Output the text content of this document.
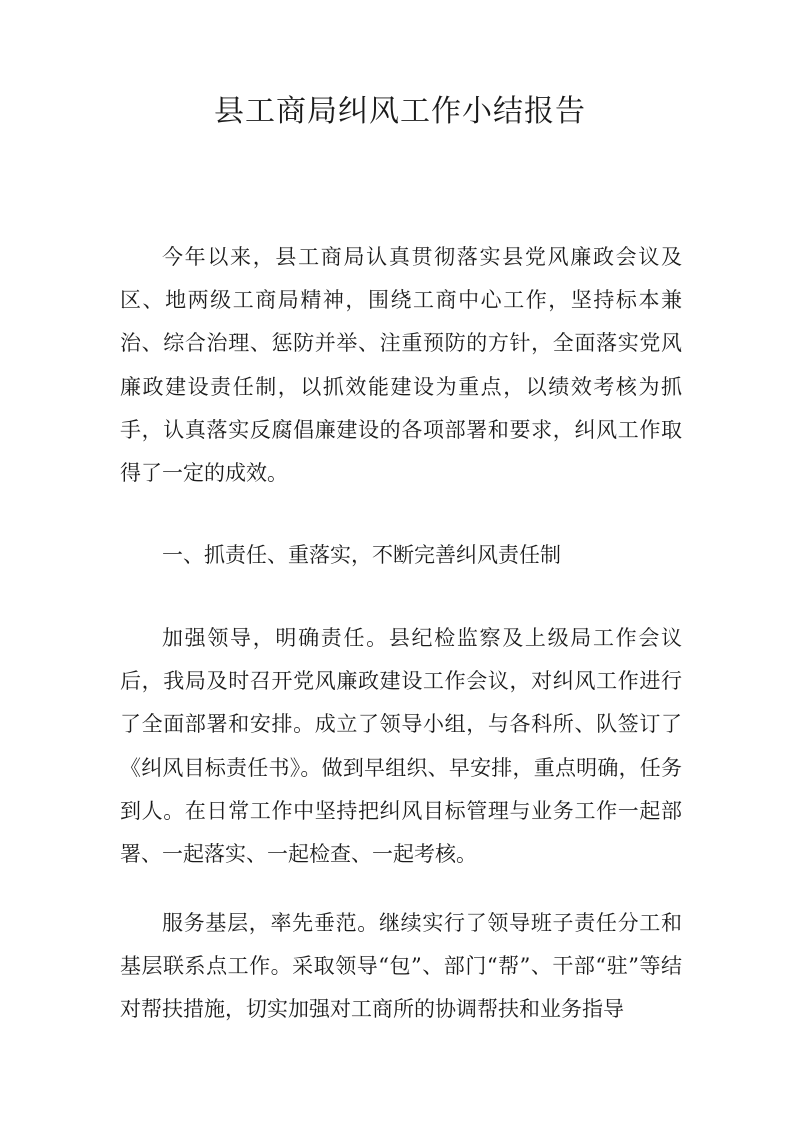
县工商局纠风工作小结报告

今年以来，县工商局认真贯彻落实县党风廉政会议及区、地两级工商局精神，围绕工商中心工作，坚持标本兼治、综合治理、惩防并举、注重预防的方针，全面落实党风廉政建设责任制，以抓效能建设为重点，以绩效考核为抓手，认真落实反腐倡廉建设的各项部署和要求，纠风工作取得了一定的成效。

一、抓责任、重落实，不断完善纠风责任制

加强领导，明确责任。县纪检监察及上级局工作会议后，我局及时召开党风廉政建设工作会议，对纠风工作进行了全面部署和安排。成立了领导小组，与各科所、队签订了《纠风目标责任书》。做到早组织、早安排，重点明确，任务到人。在日常工作中坚持把纠风目标管理与业务工作一起部署、一起落实、一起检查、一起考核。

服务基层，率先垂范。继续实行了领导班子责任分工和基层联系点工作。采取领导“包”、部门“帮”、干部“驻”等结对帮扶措施，切实加强对工商所的协调帮扶和业务指导
